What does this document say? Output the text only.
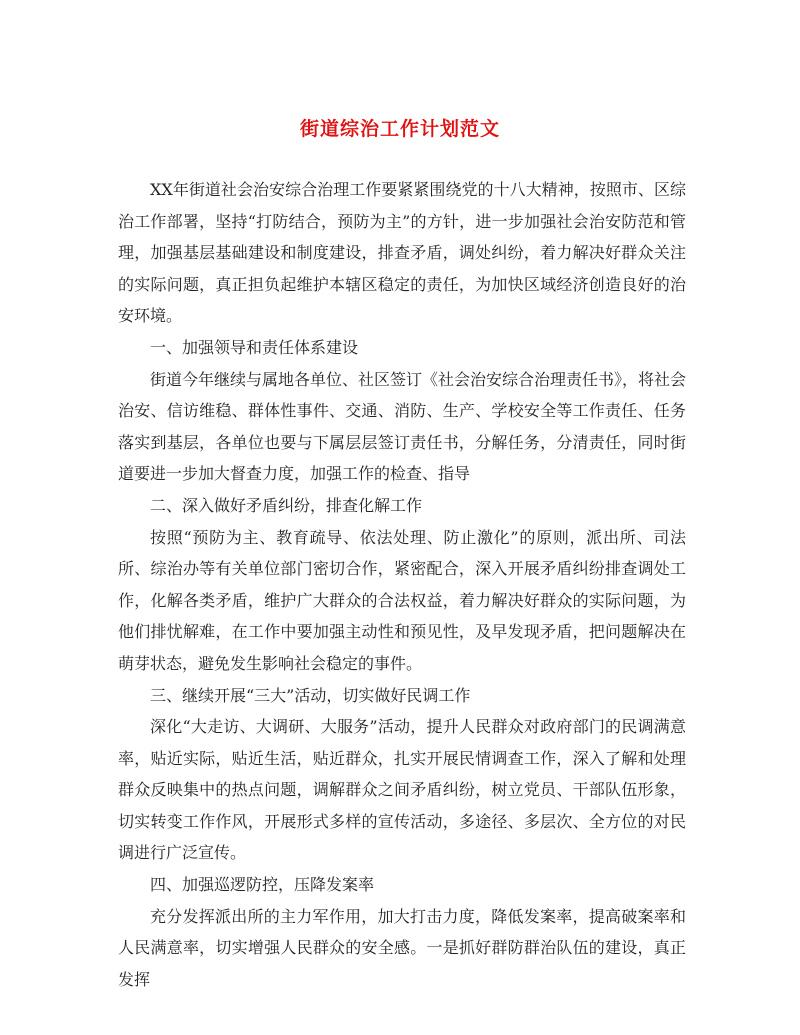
街道综治工作计划范文

XX年街道社会治安综合治理工作要紧紧围绕党的十八大精神，按照市、区综治工作部署，坚持“打防结合，预防为主”的方针，进一步加强社会治安防范和管理，加强基层基础建设和制度建设，排查矛盾，调处纠纷，着力解决好群众关注的实际问题，真正担负起维护本辖区稳定的责任，为加快区域经济创造良好的治安环境。

一、加强领导和责任体系建设

街道今年继续与属地各单位、社区签订《社会治安综合治理责任书》，将社会治安、信访维稳、群体性事件、交通、消防、生产、学校安全等工作责任、任务落实到基层，各单位也要与下属层层签订责任书，分解任务，分清责任，同时街道要进一步加大督查力度，加强工作的检查、指导

二、深入做好矛盾纠纷，排查化解工作

按照“预防为主、教育疏导、依法处理、防止激化”的原则，派出所、司法所、综治办等有关单位部门密切合作，紧密配合，深入开展矛盾纠纷排查调处工作，化解各类矛盾，维护广大群众的合法权益，着力解决好群众的实际问题，为他们排忧解难，在工作中要加强主动性和预见性，及早发现矛盾，把问题解决在萌芽状态，避免发生影响社会稳定的事件。

三、继续开展“三大”活动，切实做好民调工作

深化“大走访、大调研、大服务”活动，提升人民群众对政府部门的民调满意率，贴近实际，贴近生活，贴近群众，扎实开展民情调查工作，深入了解和处理群众反映集中的热点问题，调解群众之间矛盾纠纷，树立党员、干部队伍形象，切实转变工作作风，开展形式多样的宣传活动，多途径、多层次、全方位的对民调进行广泛宣传。

四、加强巡逻防控，压降发案率

充分发挥派出所的主力军作用，加大打击力度，降低发案率，提高破案率和人民满意率，切实增强人民群众的安全感。一是抓好群防群治队伍的建设，真正发挥
